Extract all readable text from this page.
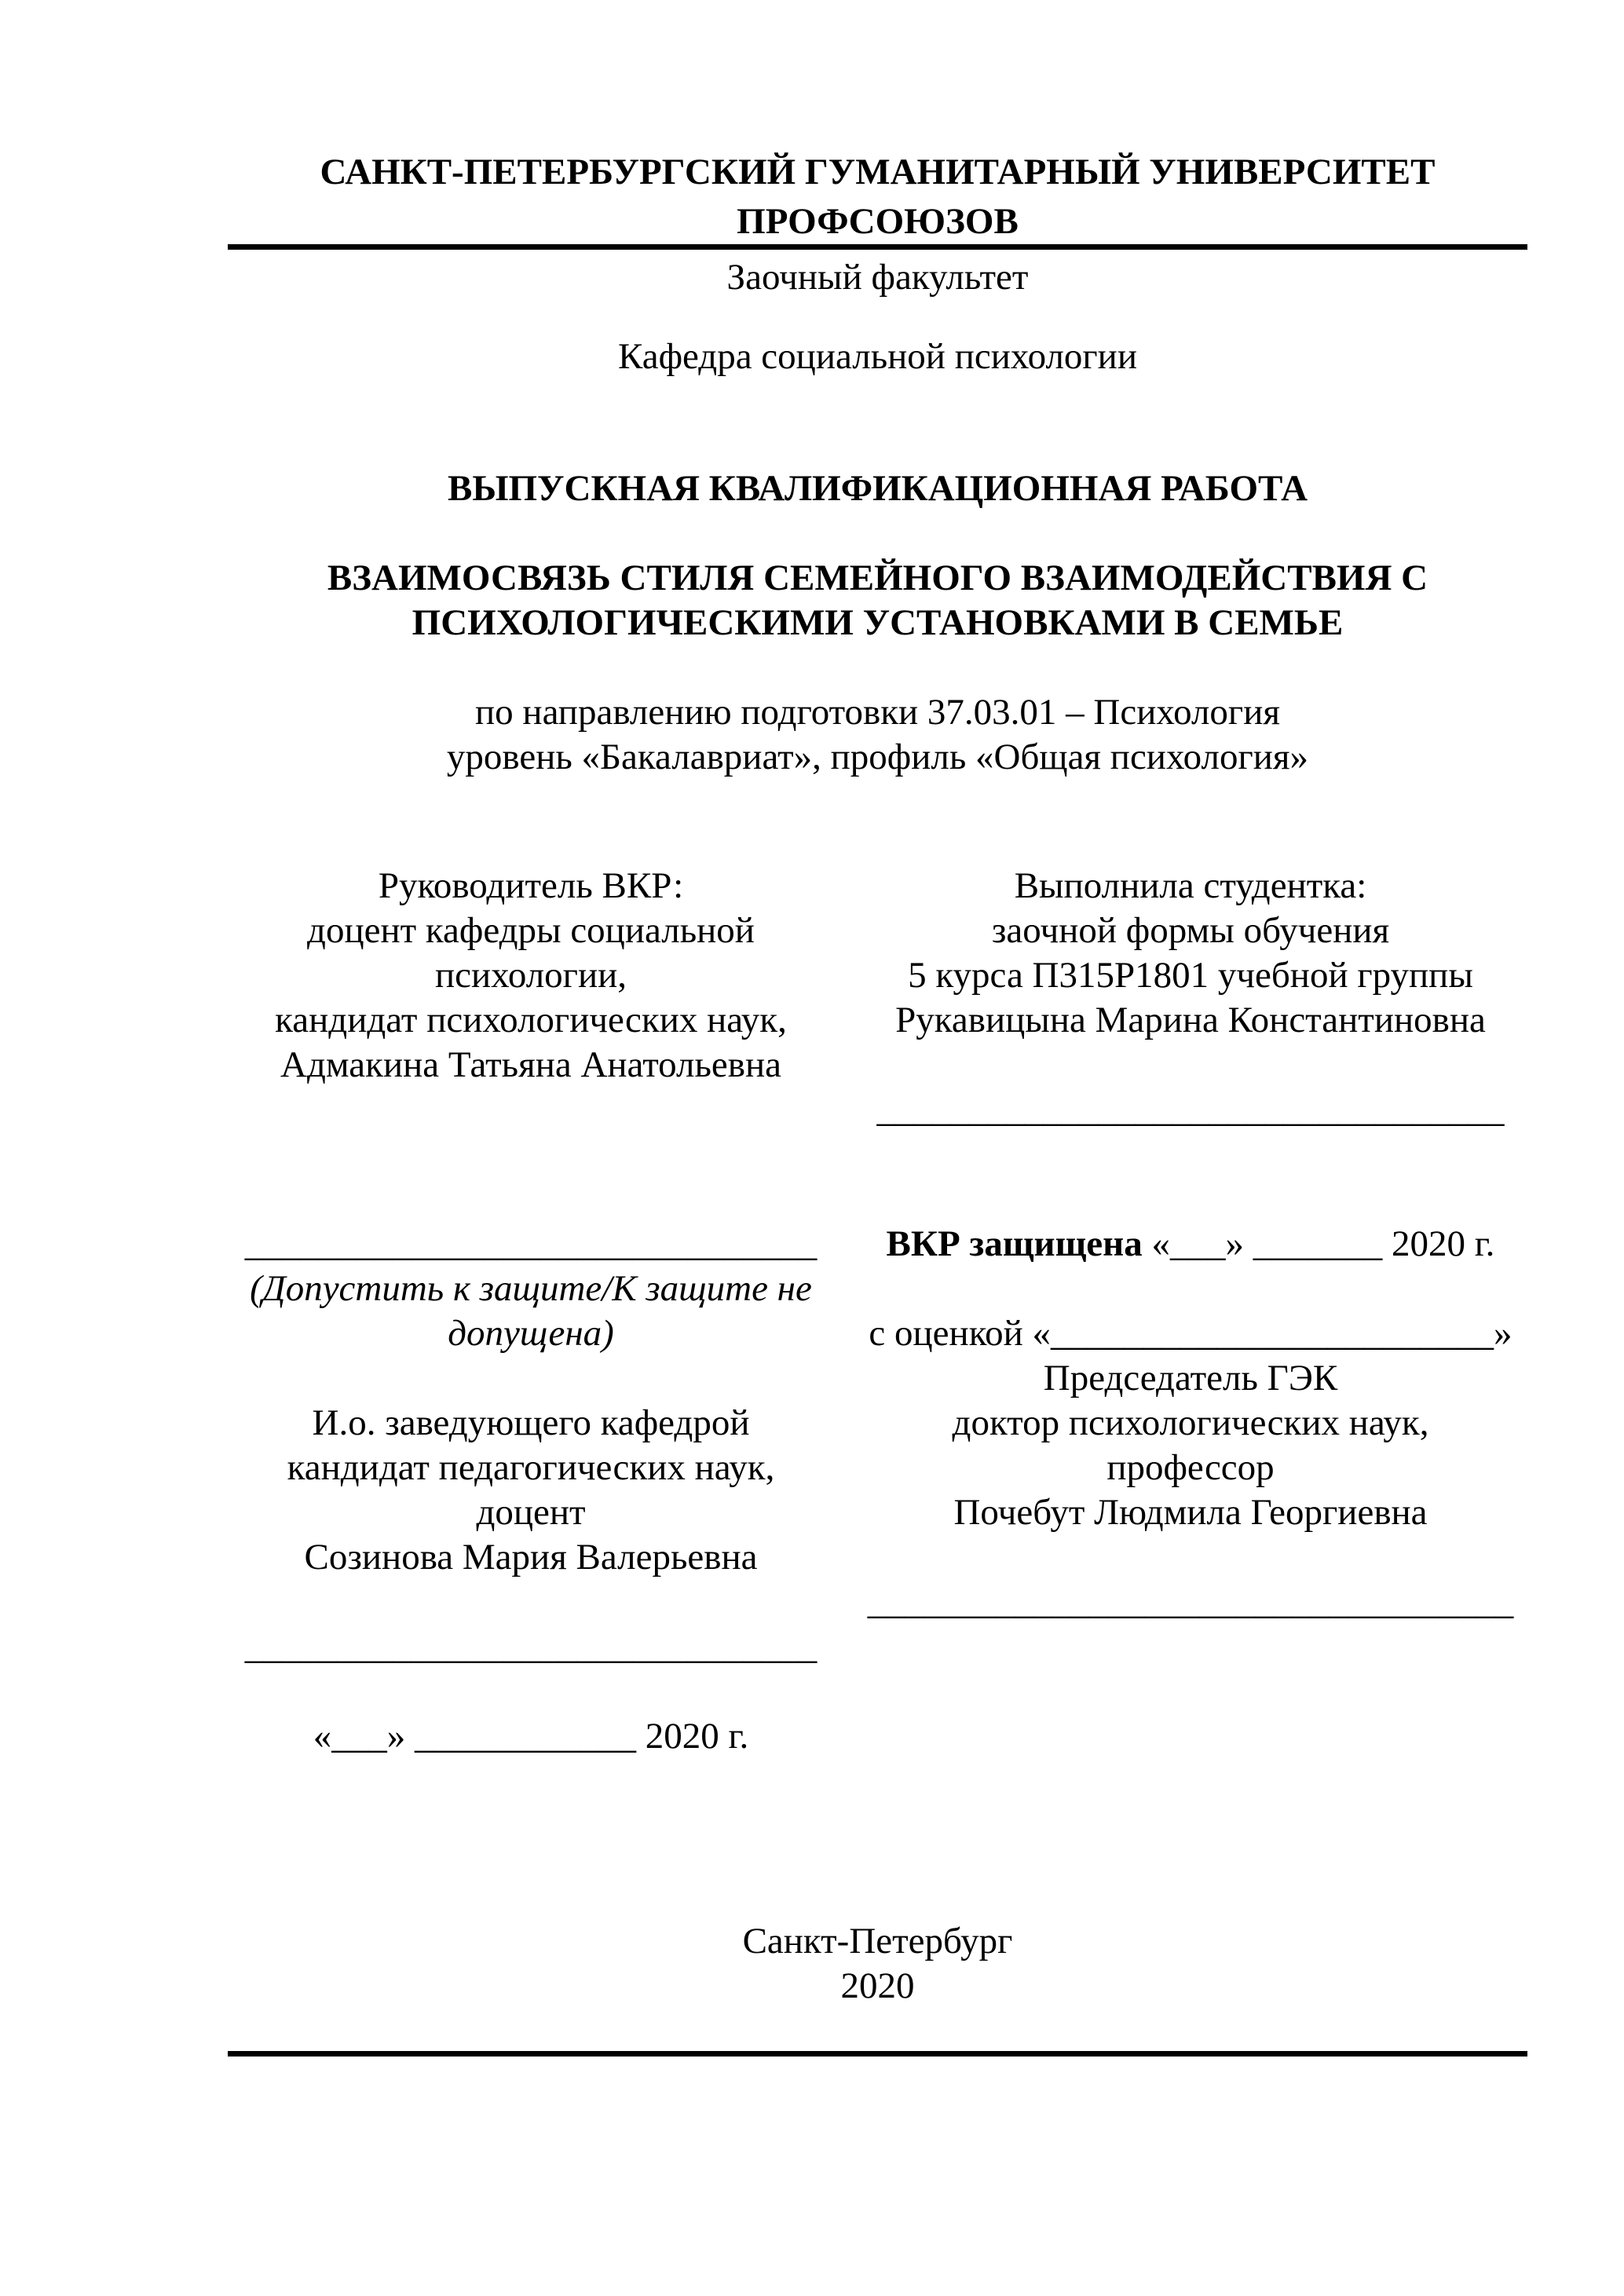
САНКТ-ПЕТЕРБУРГСКИЙ ГУМАНИТАРНЫЙ УНИВЕРСИТЕТ
ПРОФСОЮЗОВ
Заочный факультет
Кафедра социальной психологии
ВЫПУСКНАЯ КВАЛИФИКАЦИОННАЯ РАБОТА
ВЗАИМОСВЯЗЬ СТИЛЯ СЕМЕЙНОГО ВЗАИМОДЕЙСТВИЯ С
ПСИХОЛОГИЧЕСКИМИ УСТАНОВКАМИ В СЕМЬЕ
по направлению подготовки 37.03.01 – Психология
уровень «Бакалавриат», профиль «Общая психология»
Руководитель ВКР:
доцент кафедры социальной
психологии,
кандидат психологических наук,
Адмакина Татьяна Анатольевна

_______________________________
(Допустить к защите/К защите не
допущена)

И.о. заведующего кафедрой
кандидат педагогических наук,
доцент
Созинова Мария Валерьевна

_______________________________

«___» ____________ 2020 г.
Выполнила студентка:
заочной формы обучения
5 курса П315Р1801 учебной группы
Рукавицына Марина Константиновна

__________________________________

ВКР защищена «___» _______ 2020 г.

с оценкой «________________________»
Председатель ГЭК
доктор психологических наук,
профессор
Почебут Людмила Георгиевна

___________________________________
Санкт-Петербург
2020
